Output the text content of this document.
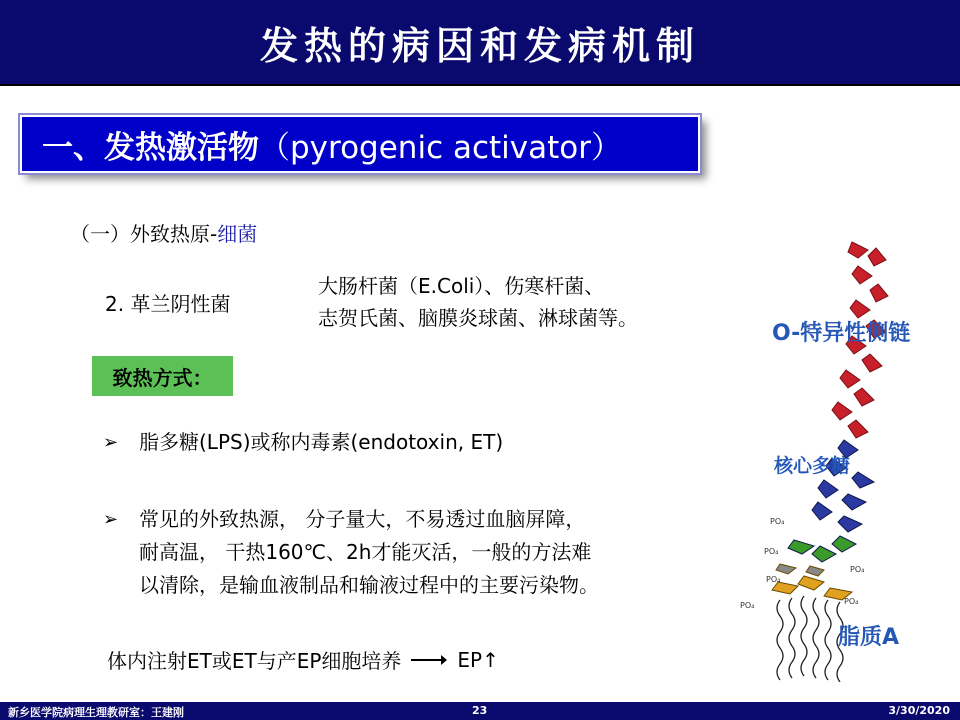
发热的病因和发病机制
一、发热激活物（pyrogenic activator）
（一）外致热原-细菌
2. 革兰阴性菌
大肠杆菌（E.Coli）、伤寒杆菌、
志贺氏菌、脑膜炎球菌、淋球菌等。
致热方式：
➢	脂多糖(LPS)或称内毒素(endotoxin, ET)
➢	常见的外致热源， 分子量大，不易透过血脑屏障，
耐高温， 干热160℃、2h才能灭活，一般的方法难
以清除，是输血液制品和输液过程中的主要污染物。
体内注射ET或ET与产EP细胞培养	EP↑
PO₄
PO₄
PO₄
PO₄
PO₄
PO₄
O-特异性侧链
核心多糖
脂质A
新乡医学院病理生理教研室：王建刚	23	3/30/2020
